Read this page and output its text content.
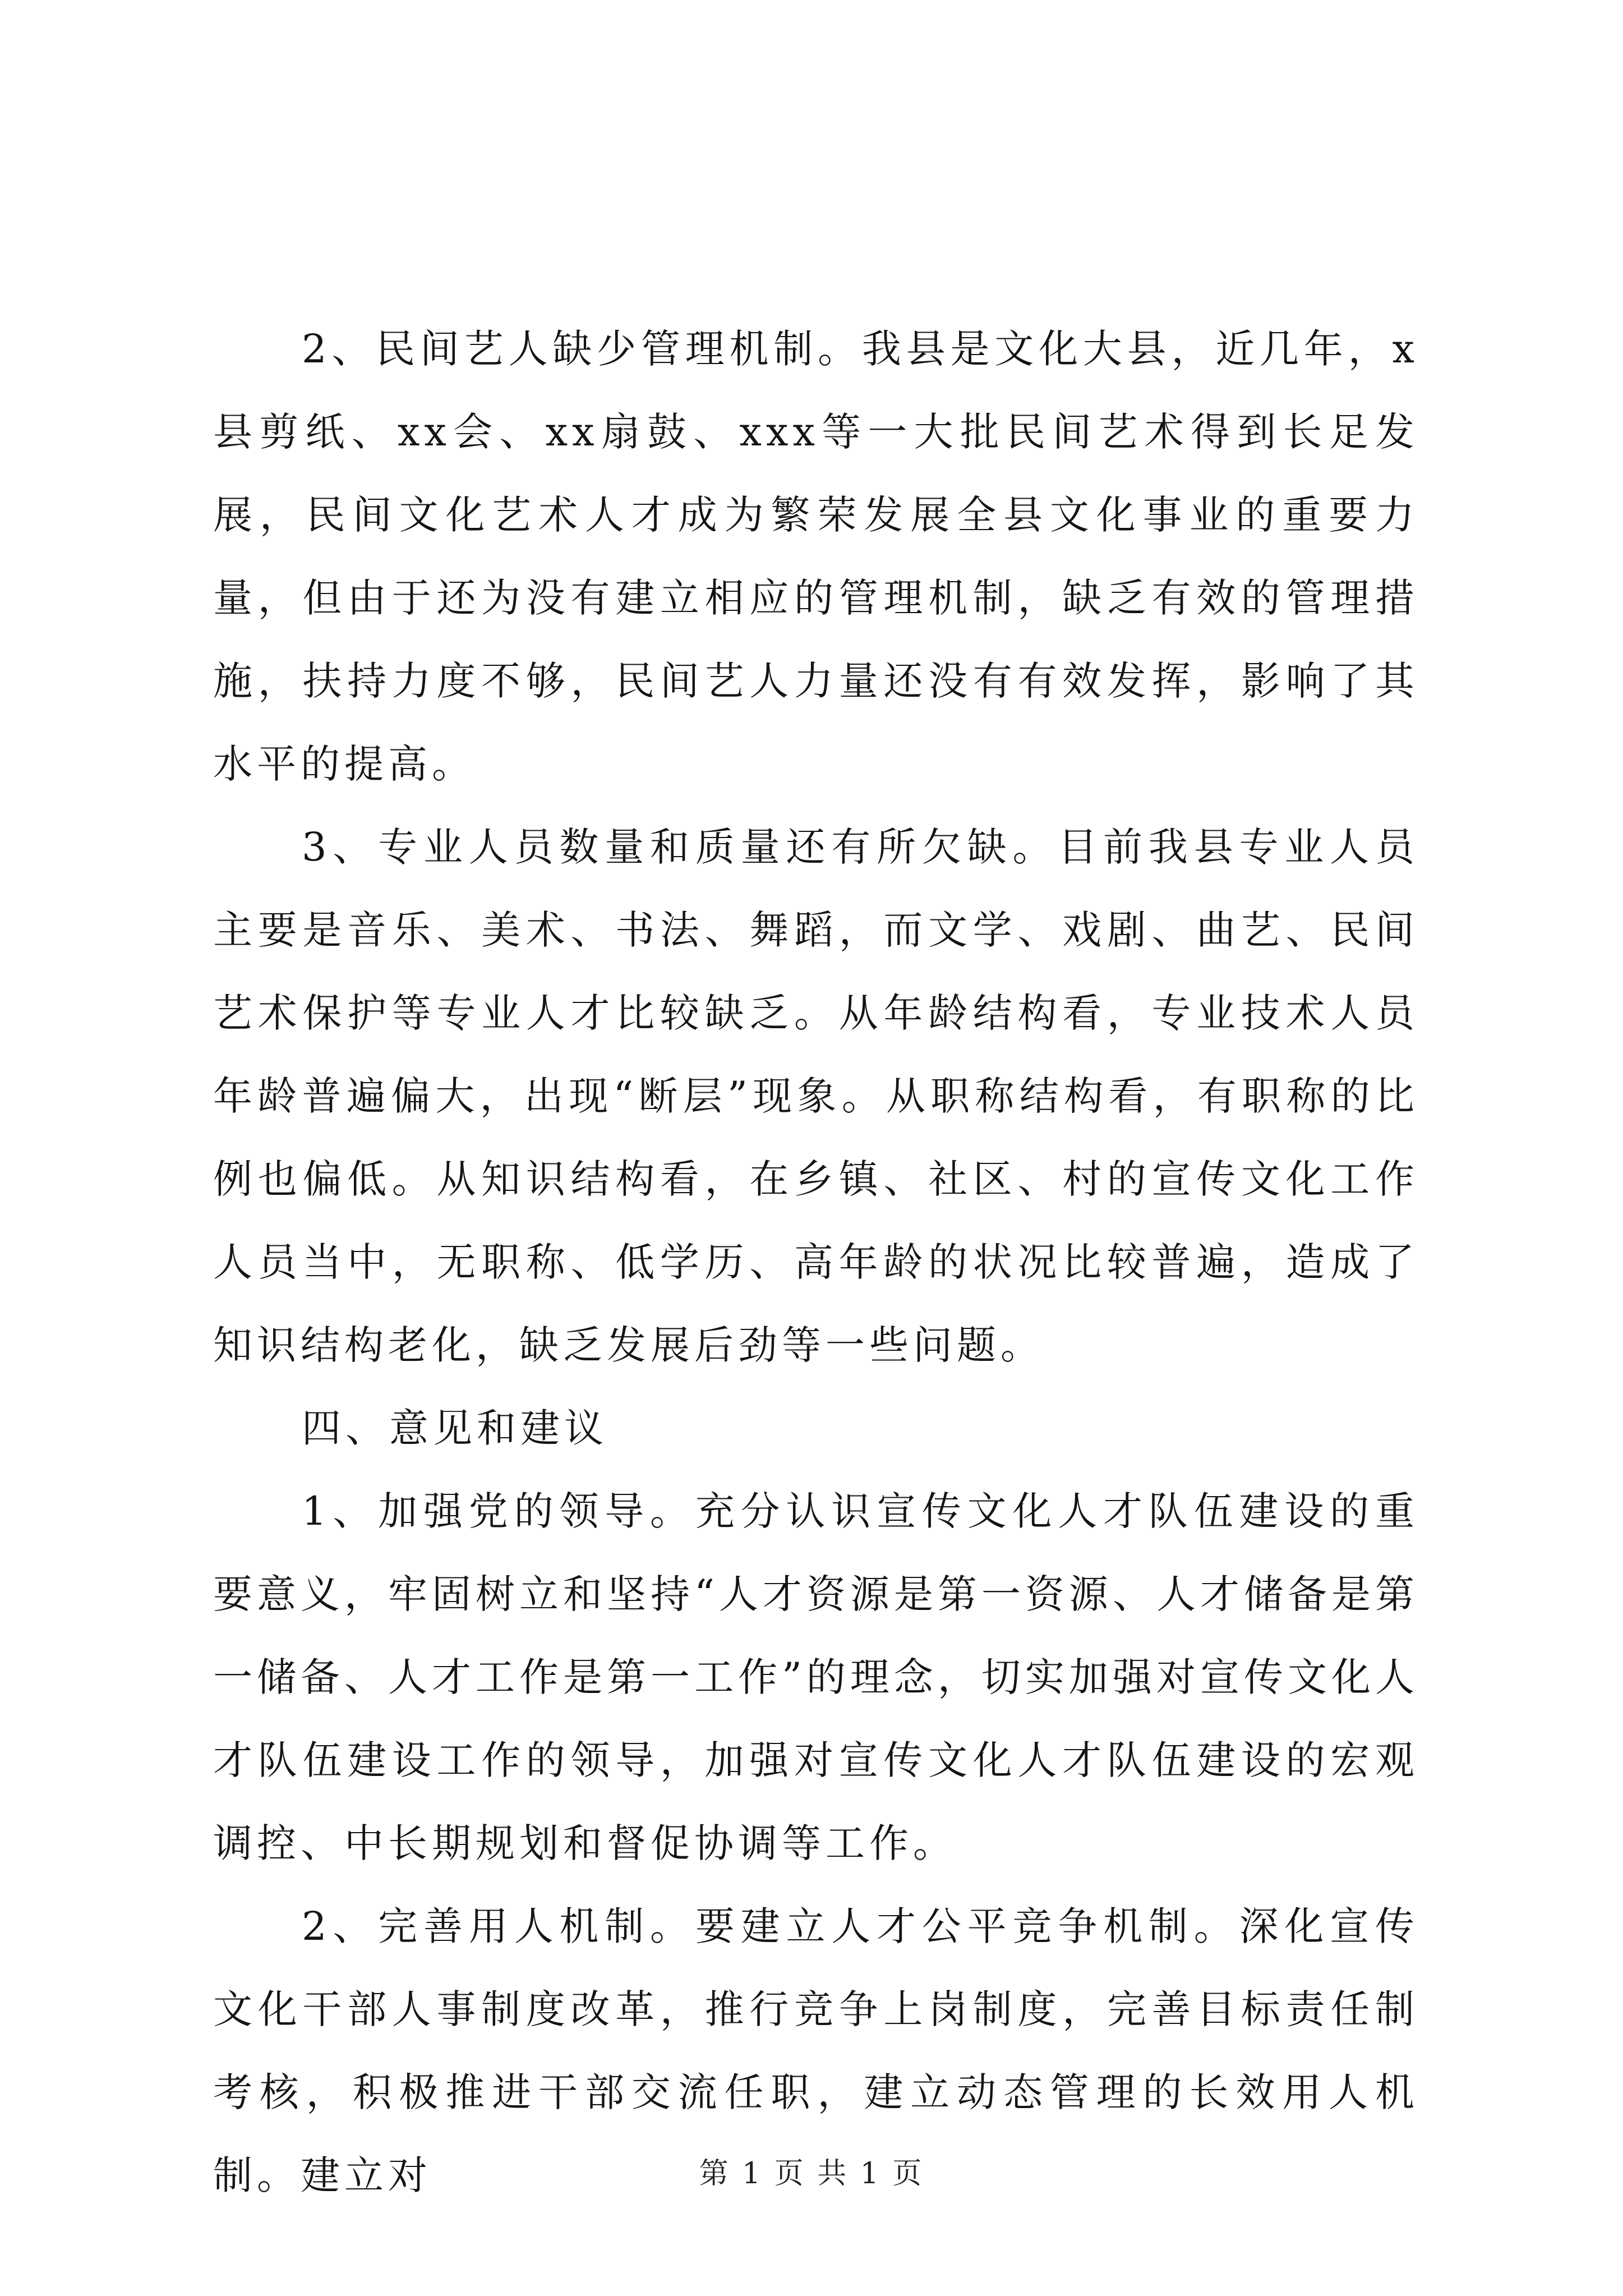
2、民间艺人缺少管理机制。我县是文化大县，近几年，x县剪纸、xx会、xx扇鼓、xxx等一大批民间艺术得到长足发展，民间文化艺术人才成为繁荣发展全县文化事业的重要力量，但由于还为没有建立相应的管理机制，缺乏有效的管理措施，扶持力度不够，民间艺人力量还没有有效发挥，影响了其水平的提高。

3、专业人员数量和质量还有所欠缺。目前我县专业人员主要是音乐、美术、书法、舞蹈，而文学、戏剧、曲艺、民间艺术保护等专业人才比较缺乏。从年龄结构看，专业技术人员年龄普遍偏大，出现“断层”现象。从职称结构看，有职称的比例也偏低。从知识结构看，在乡镇、社区、村的宣传文化工作人员当中，无职称、低学历、高年龄的状况比较普遍，造成了知识结构老化，缺乏发展后劲等一些问题。

四、意见和建议

1、加强党的领导。充分认识宣传文化人才队伍建设的重要意义，牢固树立和坚持“人才资源是第一资源、人才储备是第一储备、人才工作是第一工作”的理念，切实加强对宣传文化人才队伍建设工作的领导，加强对宣传文化人才队伍建设的宏观调控、中长期规划和督促协调等工作。

2、完善用人机制。要建立人才公平竞争机制。深化宣传文化干部人事制度改革，推行竞争上岗制度，完善目标责任制考核，积极推进干部交流任职，建立动态管理的长效用人机制。建立对	第 1 页 共 1 页
